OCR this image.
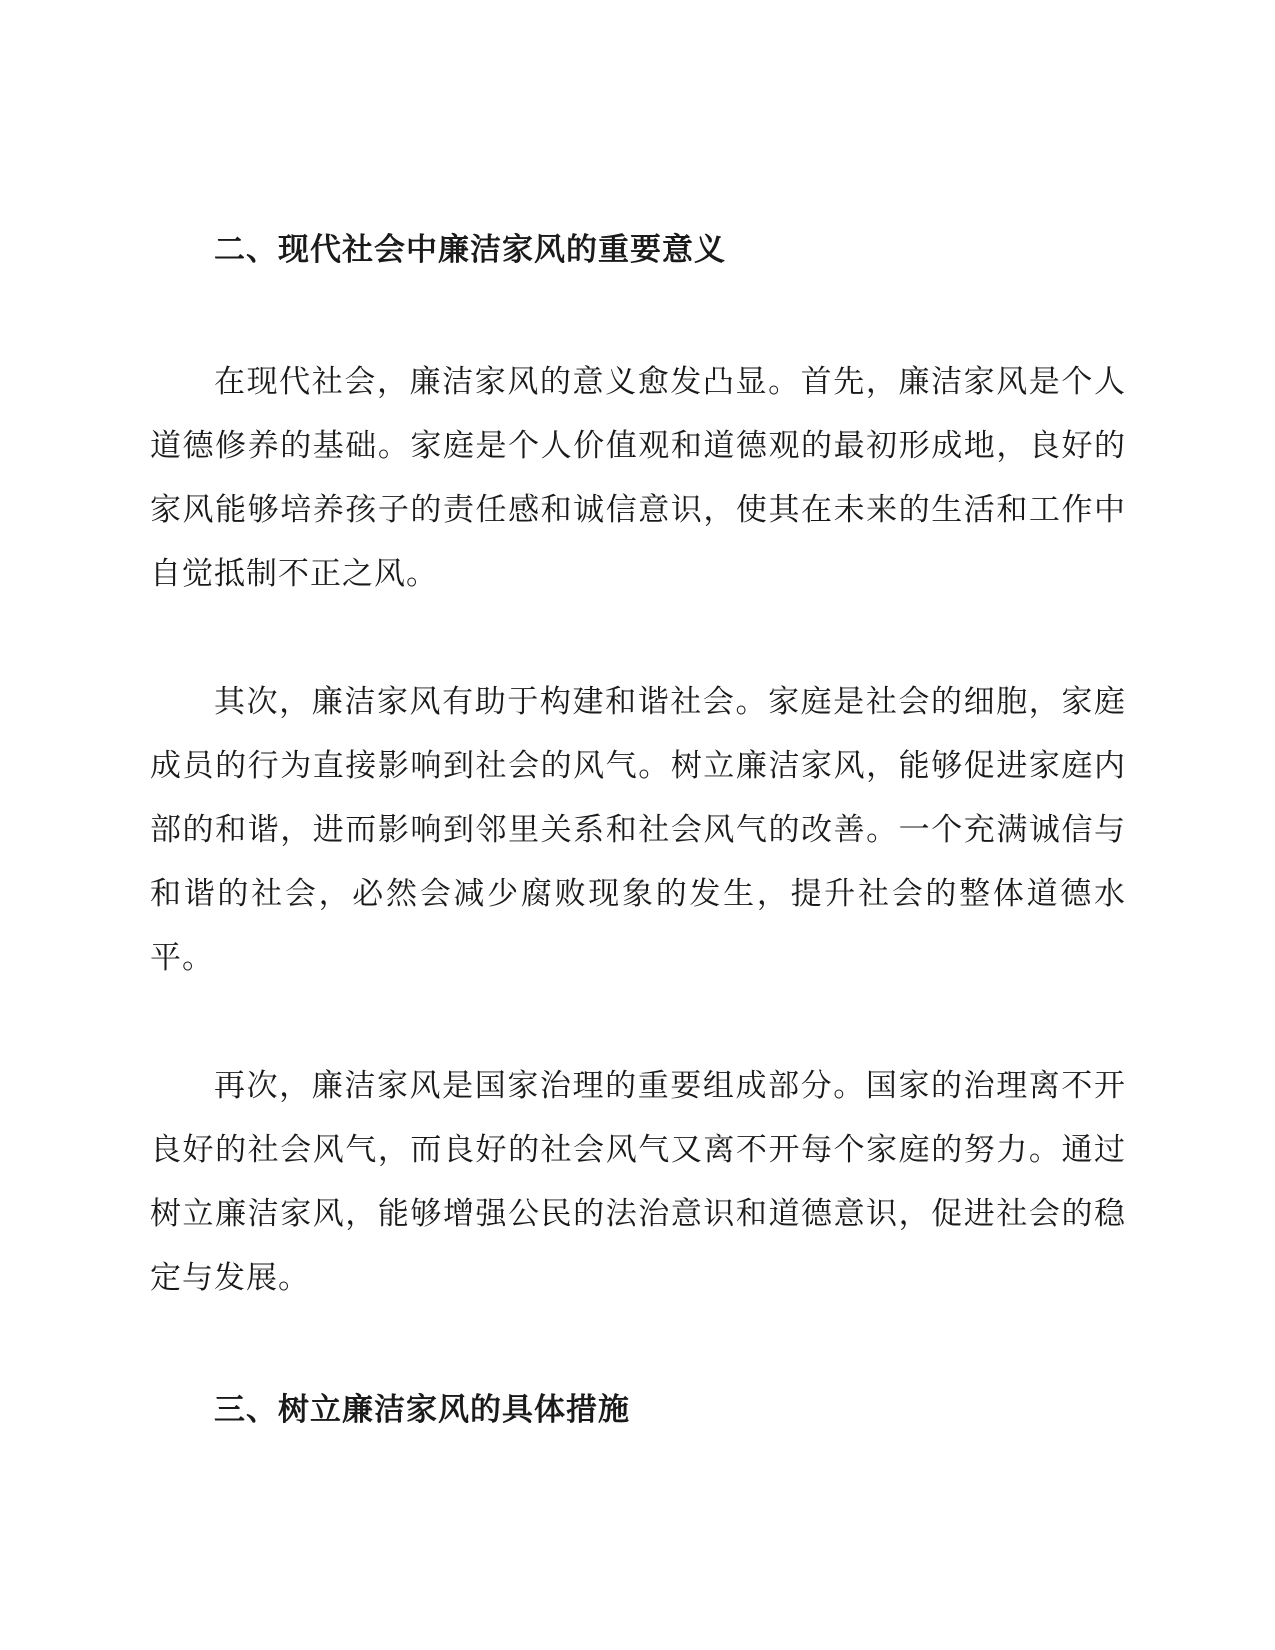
二、现代社会中廉洁家风的重要意义

在现代社会，廉洁家风的意义愈发凸显。首先，廉洁家风是个人道德修养的基础。家庭是个人价值观和道德观的最初形成地，良好的家风能够培养孩子的责任感和诚信意识，使其在未来的生活和工作中自觉抵制不正之风。

其次，廉洁家风有助于构建和谐社会。家庭是社会的细胞，家庭成员的行为直接影响到社会的风气。树立廉洁家风，能够促进家庭内部的和谐，进而影响到邻里关系和社会风气的改善。一个充满诚信与和谐的社会，必然会减少腐败现象的发生，提升社会的整体道德水平。

再次，廉洁家风是国家治理的重要组成部分。国家的治理离不开良好的社会风气，而良好的社会风气又离不开每个家庭的努力。通过树立廉洁家风，能够增强公民的法治意识和道德意识，促进社会的稳定与发展。

三、树立廉洁家风的具体措施
